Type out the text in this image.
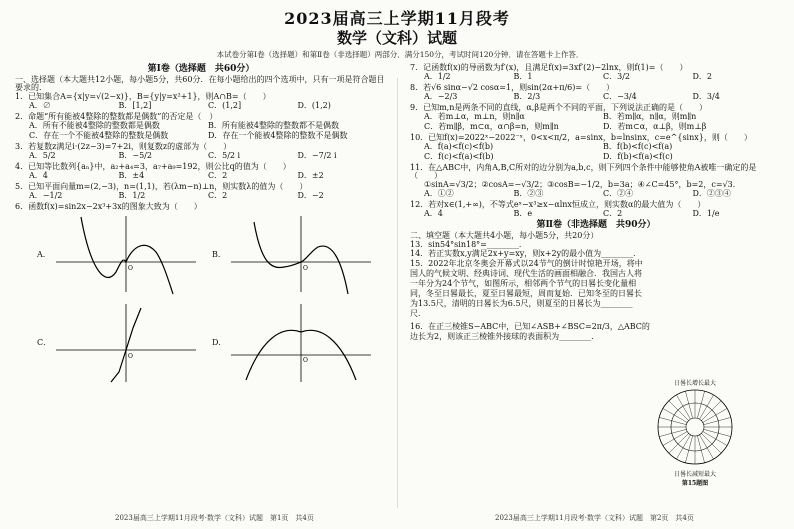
2023届高三上学期11月段考
数学（文科）试题
本试卷分第Ⅰ卷（选择题）和第Ⅱ卷（非选择题）两部分．满分150分，考试时间120分钟．请在答题卡上作答．
第Ⅰ卷（选择题　共60分）
一、选择题（本大题共12小题，每小题5分，共60分．在每小题给出的四个选项中，只有一项是符合题目要求的．
1．已知集合A={x|y=√(2−x)}，B={y|y=x²+1}，则A∩B=（　　）
A．∅	B．[1,2]	C．(1,2]	D．(1,2)
2．命题“所有能被4整除的整数都是偶数”的否定是（　）
A．所有不能被4整除的整数都是偶数	B．所有能被4整除的整数都不是偶数
C．存在一个不能被4整除的整数是偶数	D．存在一个能被4整除的整数不是偶数
3．若复数z满足i·(2z−3)=7+2i，则复数z的虚部为（　　）
A．5/2	B．−5/2	C．5/2 i	D．−7/2 i
4．已知等比数列{aₙ}中，a₂+a₄=3，a₇+a₉=192，则公比q的值为（　　）
A．4	B．±4	C．2	D．±2
5．已知平面向量m=(2,−3)，n=(1,1)，若(λm−n)⊥n，则实数λ的值为（　　）
A．−1/2	B．1/2	C．2	D．−2
6．函数f(x)=sin2x−2x³+3x的图象大致为（　　）
A．
O
B．
O
C．
O
D．
O
7．记函数f(x)的导函数为f′(x)，且满足f(x)=3xf′(2)−2lnx，则f(1)=（　　）
A．1/2	B．1	C．3/2	D．2
8．若√6 sinα−√2 cosα=1，则sin(2α+π/6)=（　　）
A．−2/3	B．2/3	C．−3/4	D．3/4
9．已知m,n是两条不同的直线，α,β是两个不同的平面，下列说法正确的是（　　）
A．若m⊥α，m⊥n，则n∥α	B．若m∥α，n∥α，则m∥n
C．若m∥β，m⊂α，α∩β=n，则m∥n	D．若m⊂α，α⊥β，则m⊥β
10．已知f(x)=2022ˣ−2022⁻ˣ，0<x<π/2，a=sinx，b=lnsinx，c=e^{sinx}，则（　　）
A．f(a)<f(c)<f(b)	B．f(b)<f(c)<f(a)
C．f(c)<f(a)<f(b)	D．f(b)<f(a)<f(c)
11．在△ABC中，内角A,B,C所对的边分别为a,b,c，则下列四个条件中能够使角A被唯一确定的是（　　）
①sinA=√3/2；②cosA=−√3/2；③cosB=−1/2，b=3a；④∠C=45°，b=2，c=√3．
A．①②	B．②③	C．②④	D．②③④
12．若对x∈(1,+∞)，不等式eˣ−x³≥x−αlnx恒成立，则实数α的最大值为（　　）
A．4	B．e	C．2	D．1/e
第Ⅱ卷（非选择题　共90分）
二、填空题（本大题共4小题，每小题5分，共20分）
13．sin54°sin18°=________．
14．若正实数x,y满足2x+y=xy，则x+2y的最小值为________．
15．2022年北京冬奥会开幕式以24节气的倒计时惊艳开场，将中国人的气候文明、经典诗词、现代生活的画面相融合．我国古人将一年分为24个节气，如图所示，相邻两个节气的日晷长变化量相同，冬至日晷最长，夏至日晷最短，周而复始．已知冬至的日晷长为13.5尺，清明的日晷长为6.5尺，则夏至的日晷长为________尺．
16．在正三棱锥S−ABC中，已知∠ASB+∠BSC=2π/3，△ABC的边长为2，则该正三棱锥外接球的表面积为________．
日晷长增长最大
日晷长减短最大
第15题图
2023届高三上学期11月段考·数学（文科）试题　第1页　共4页	2023届高三上学期11月段考·数学（文科）试题　第2页　共4页
